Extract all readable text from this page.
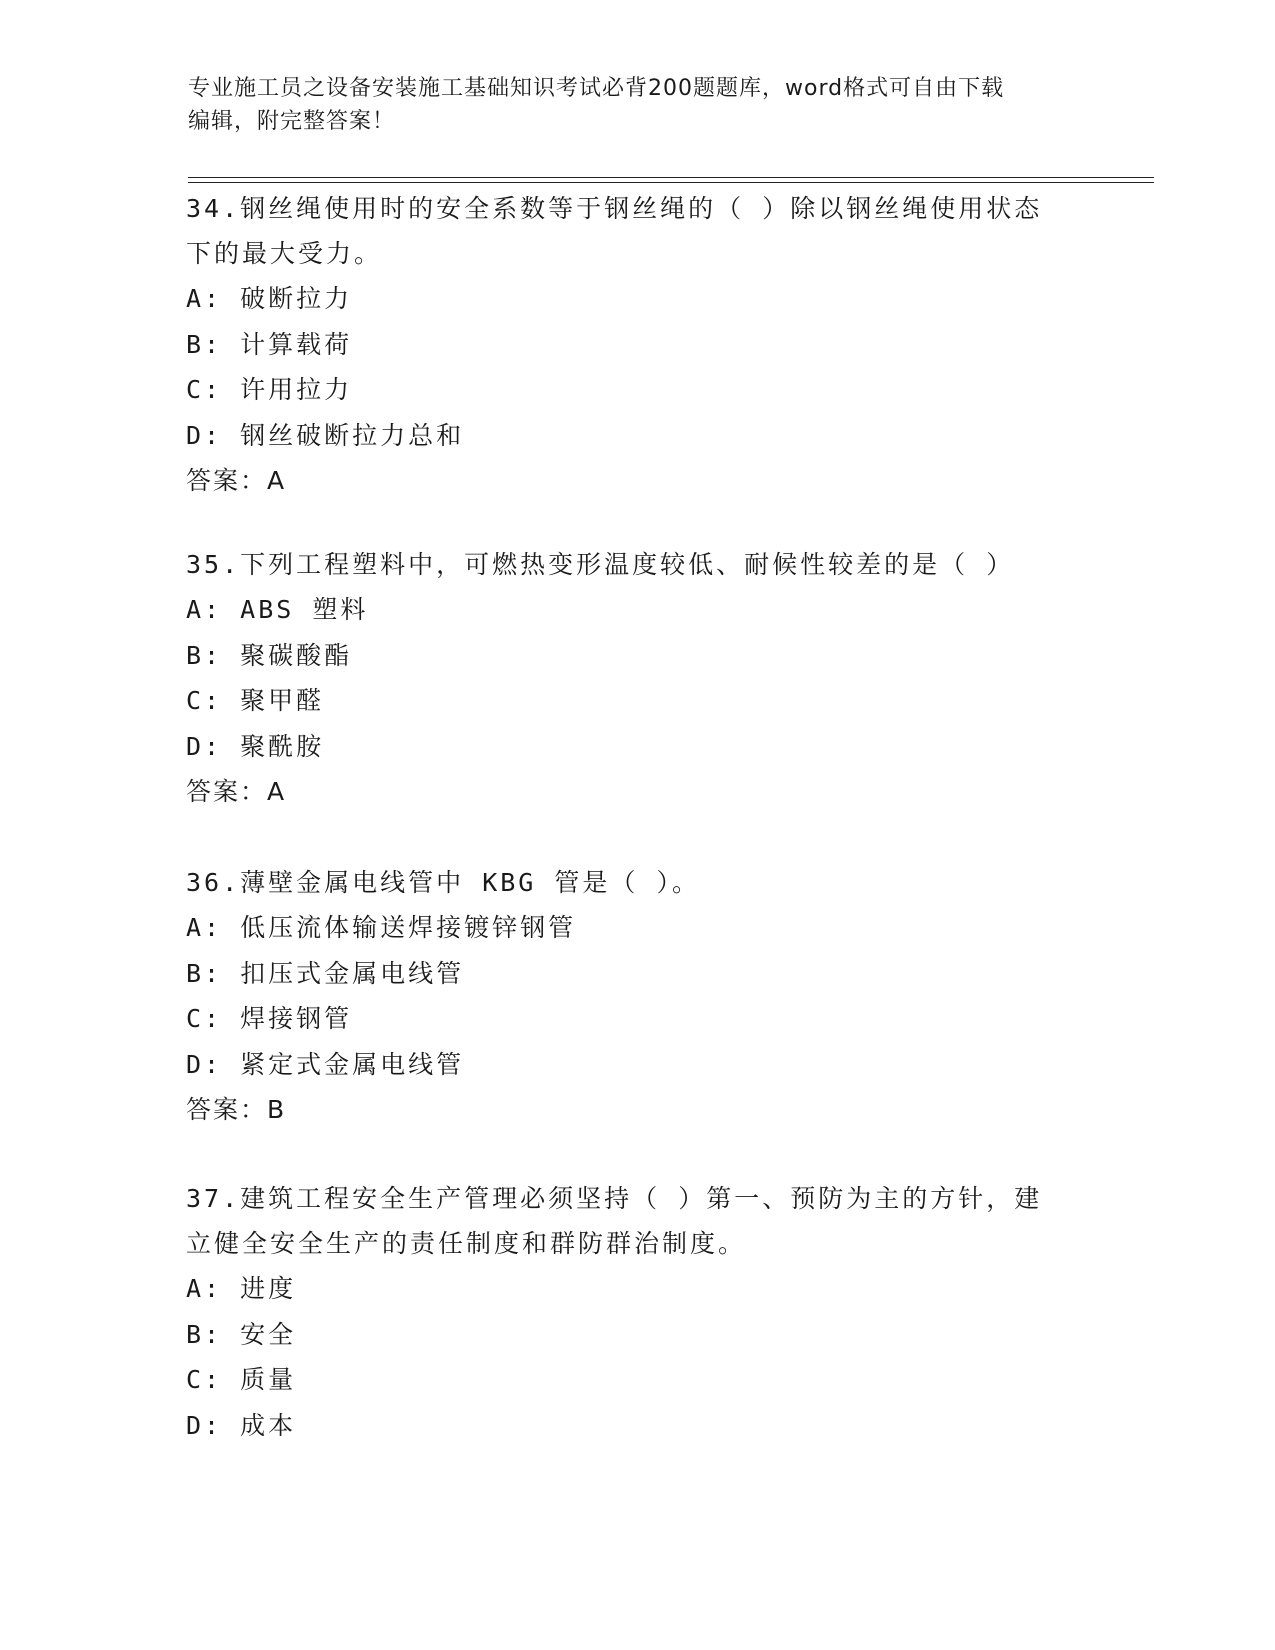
专业施工员之设备安装施工基础知识考试必背200题题库，word格式可自由下载
编辑，附完整答案！

34.钢丝绳使用时的安全系数等于钢丝绳的（ ）除以钢丝绳使用状态

下的最大受力。

A: 破断拉力

B: 计算载荷

C: 许用拉力

D: 钢丝破断拉力总和

答案：A

35.下列工程塑料中，可燃热变形温度较低、耐候性较差的是（ ）

A: ABS 塑料

B: 聚碳酸酯

C: 聚甲醛

D: 聚酰胺

答案：A

36.薄壁金属电线管中 KBG 管是（ ）。

A: 低压流体输送焊接镀锌钢管

B: 扣压式金属电线管

C: 焊接钢管

D: 紧定式金属电线管

答案：B

37.建筑工程安全生产管理必须坚持（ ）第一、预防为主的方针，建

立健全安全生产的责任制度和群防群治制度。

A: 进度

B: 安全

C: 质量

D: 成本
